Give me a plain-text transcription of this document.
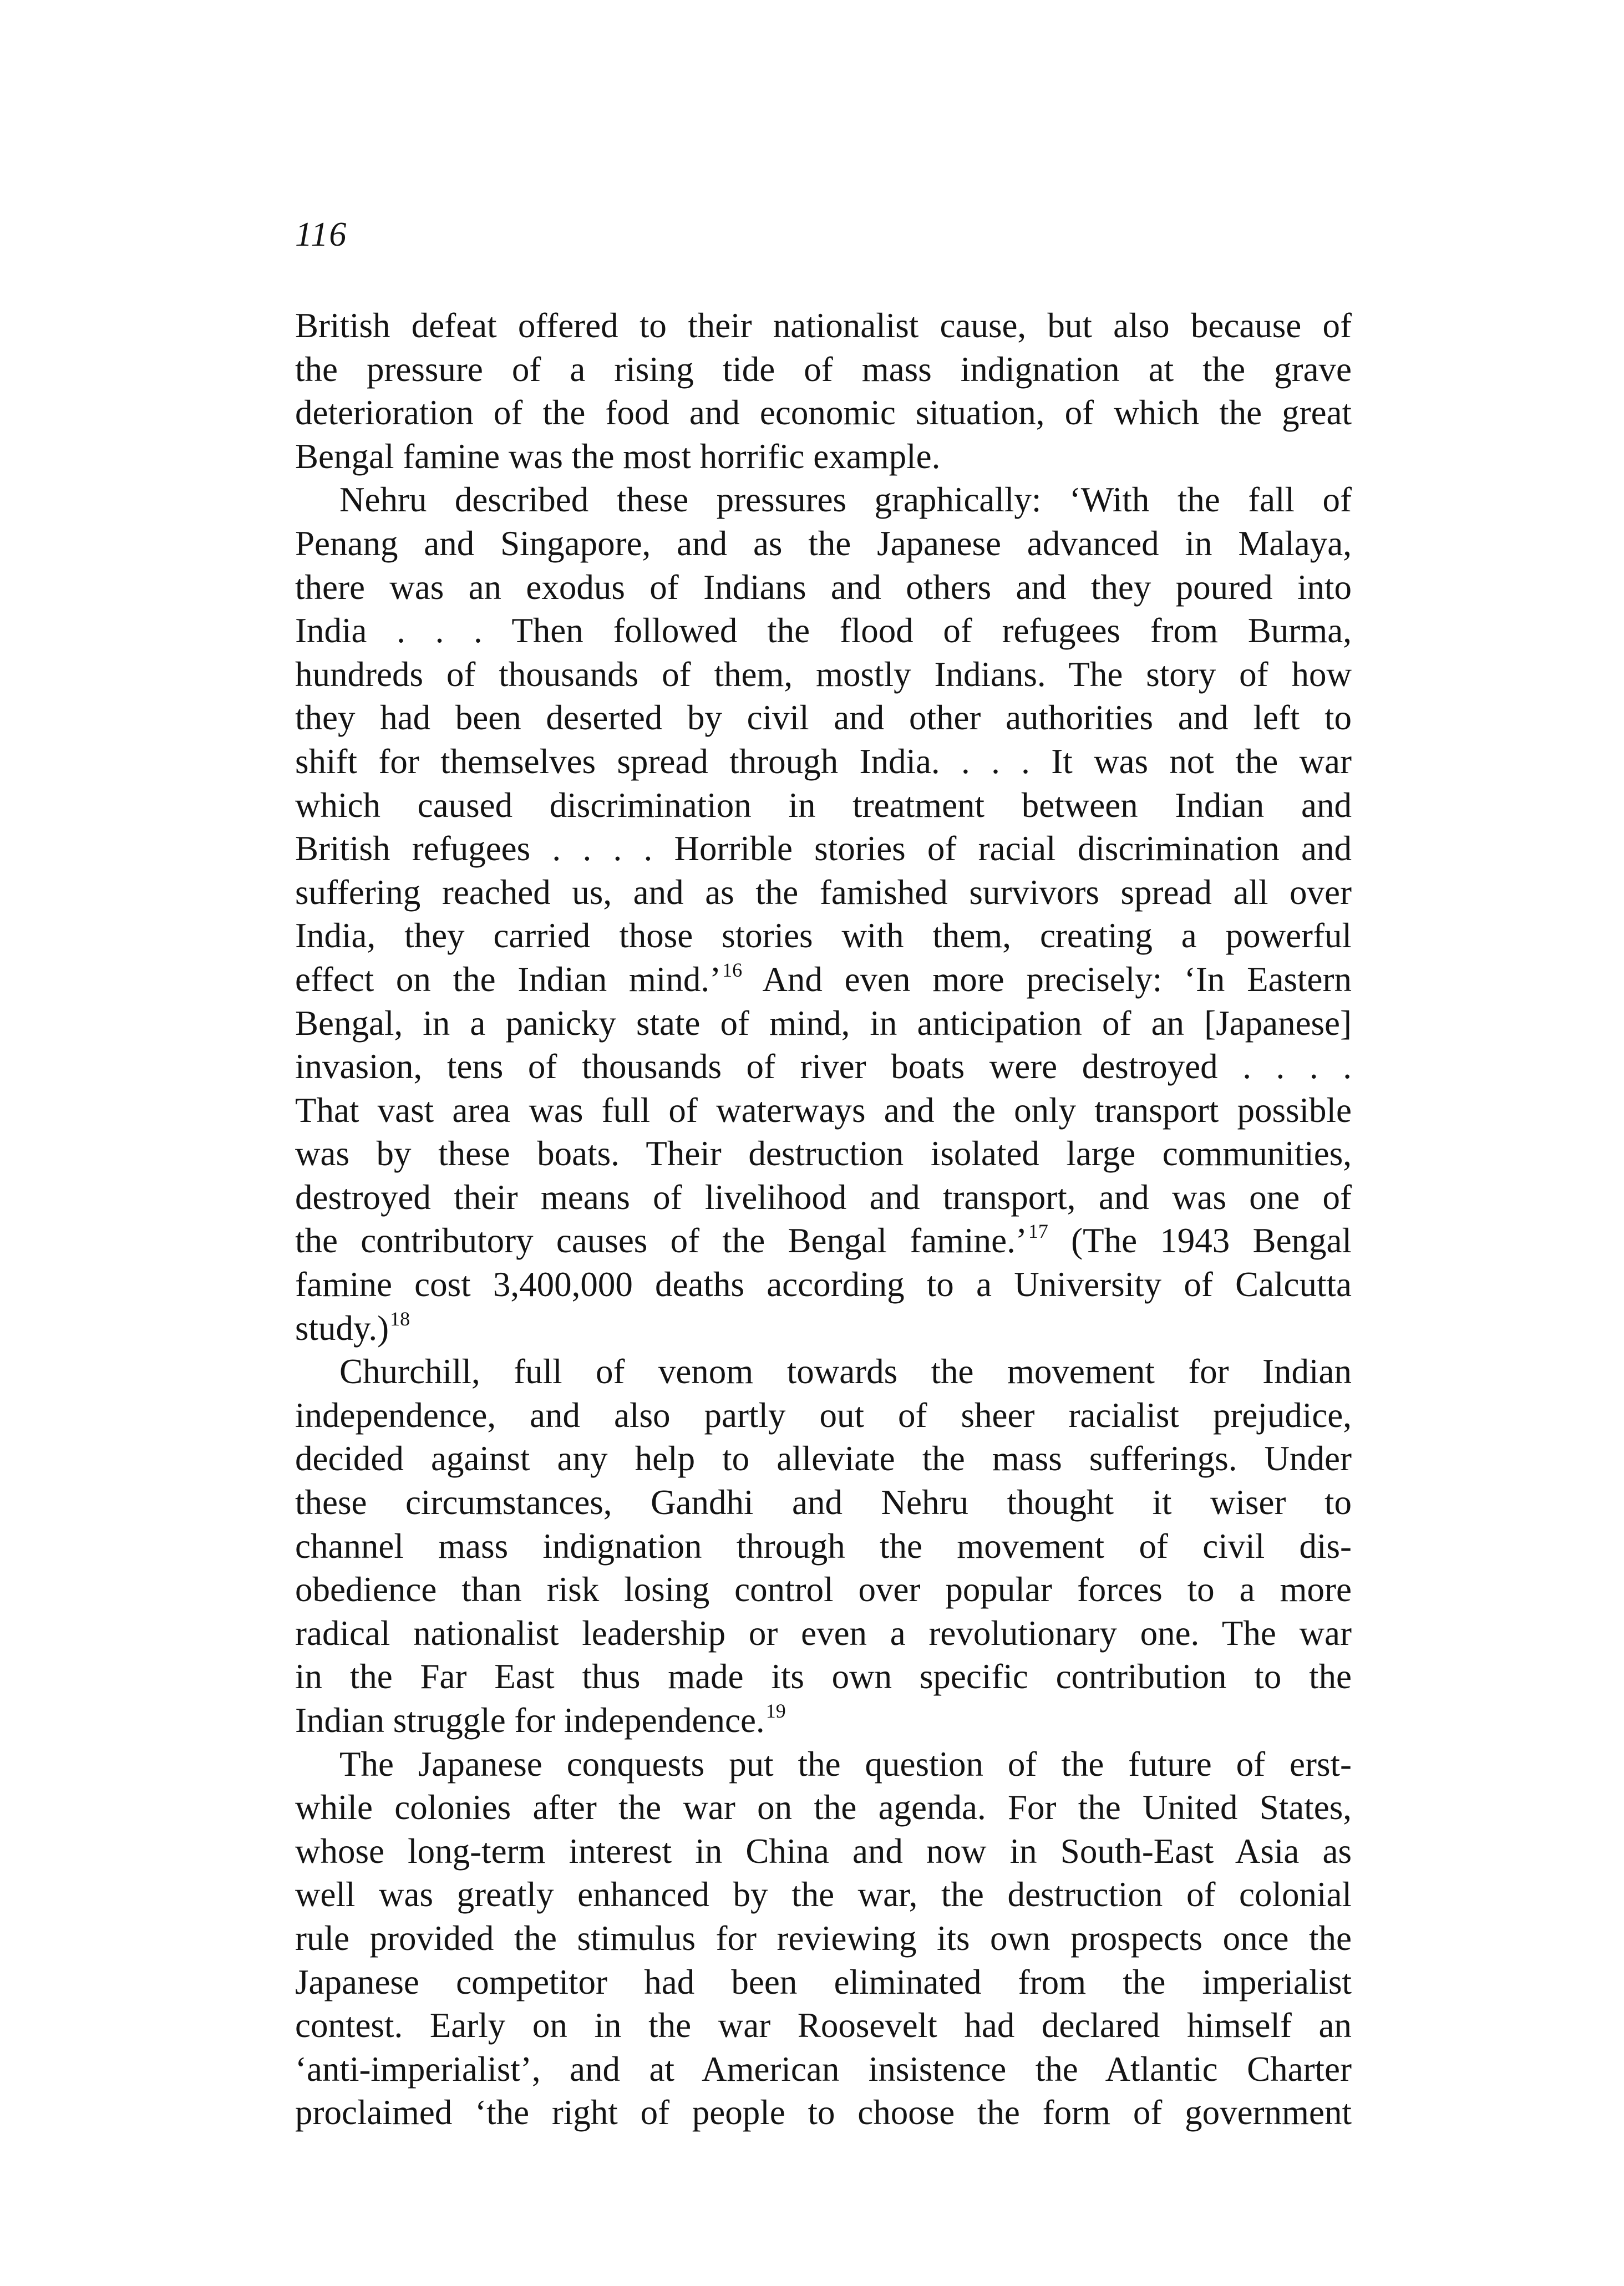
116
British defeat offered to their nationalist cause, but also because of
the pressure of a rising tide of mass indignation at the grave
deterioration of the food and economic situation, of which the great
Bengal famine was the most horrific example.
Nehru described these pressures graphically: ‘With the fall of
Penang and Singapore, and as the Japanese advanced in Malaya,
there was an exodus of Indians and others and they poured into
India . . . Then followed the flood of refugees from Burma,
hundreds of thousands of them, mostly Indians. The story of how
they had been deserted by civil and other authorities and left to
shift for themselves spread through India. . . . It was not the war
which caused discrimination in treatment between Indian and
British refugees . . . . Horrible stories of racial discrimination and
suffering reached us, and as the famished survivors spread all over
India, they carried those stories with them, creating a powerful
effect on the Indian mind.’$^{16}$ And even more precisely: ‘In Eastern
Bengal, in a panicky state of mind, in anticipation of an [Japanese]
invasion, tens of thousands of river boats were destroyed . . . .
That vast area was full of waterways and the only transport possible
was by these boats. Their destruction isolated large communities,
destroyed their means of livelihood and transport, and was one of
the contributory causes of the Bengal famine.’$^{17}$ (The 1943 Bengal
famine cost 3,400,000 deaths according to a University of Calcutta
study.)$^{18}$
Churchill, full of venom towards the movement for Indian
independence, and also partly out of sheer racialist prejudice,
decided against any help to alleviate the mass sufferings. Under
these circumstances, Gandhi and Nehru thought it wiser to
channel mass indignation through the movement of civil dis-
obedience than risk losing control over popular forces to a more
radical nationalist leadership or even a revolutionary one. The war
in the Far East thus made its own specific contribution to the
Indian struggle for independence.$^{19}$
The Japanese conquests put the question of the future of erst-
while colonies after the war on the agenda. For the United States,
whose long-term interest in China and now in South-East Asia as
well was greatly enhanced by the war, the destruction of colonial
rule provided the stimulus for reviewing its own prospects once the
Japanese competitor had been eliminated from the imperialist
contest. Early on in the war Roosevelt had declared himself an
‘anti-imperialist’, and at American insistence the Atlantic Charter
proclaimed ‘the right of people to choose the form of government
